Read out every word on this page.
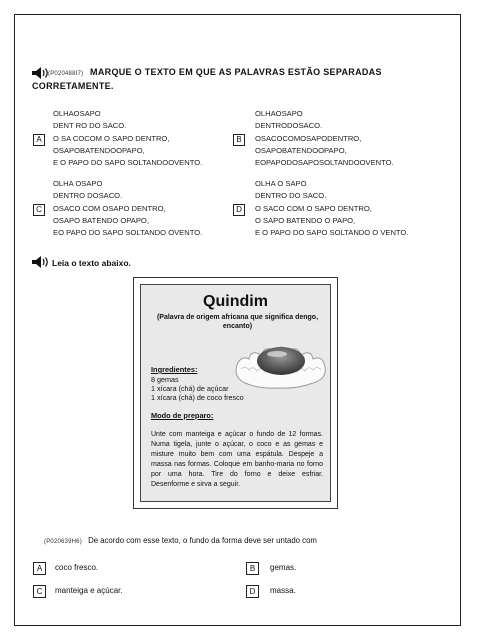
(P020488I7) MARQUE O TEXTO EM QUE AS PALAVRAS ESTÃO SEPARADAS CORRETAMENTE.
A
OLHAOSAPO
DENT RO DO SACO.
O SA COCOM O SAPO DENTRO,
OSAPOBATENDOOPAPO,
E O PAPO DO SAPO SOLTANDOOVENTO.
B
OLHAOSAPO
DENTRODOSACO.
OSACOCOMOSAPODENTRO,
OSAPOBATENDOOPAPO,
EOPAPODOSAPOSOLTANDOOVENTO.
C
OLHA OSAPO
DENTRO DOSACO.
OSACO COM OSAPO DENTRO,
OSAPO BATENDO OPAPO,
EO PAPO DO SAPO SOLTANDO OVENTO.
D
OLHA O SAPO
DENTRO DO SACO.
O SACO COM O SAPO DENTRO,
O SAPO BATENDO O PAPO,
E O PAPO DO SAPO SOLTANDO O VENTO.
Leia o texto abaixo.
Quindim
(Palavra de origem africana que significa dengo, encanto)
Ingredientes:
8 gemas
1 xícara (chá) de açúcar
1 xícara (chá) de coco fresco
Modo de preparo:
Unte com manteiga e açúcar o fundo de 12 formas. Numa tigela, junte o açúcar, o coco e as gemas e misture muito bem com uma espátula. Despeje a massa nas formas. Coloque em banho-maria no forno por uma hora. Tire do forno e deixe esfriar. Desenforme e sirva a seguir.
(P020639H6) De acordo com esse texto, o fundo da forma deve ser untado com
A	coco fresco.	B	gemas.
C	manteiga e açúcar.	D	massa.
